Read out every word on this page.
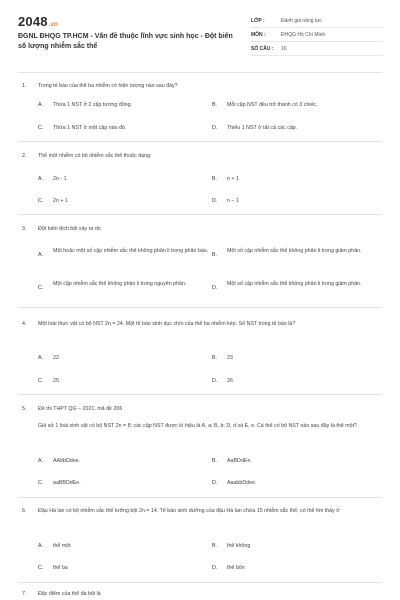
2048.vn
ĐGNL ĐHQG TP.HCM - Vấn đề thuộc lĩnh vực sinh học - Đột biến số lượng nhiễm sắc thể
LỚP :	Đánh giá năng lực
MÔN :	ĐHQG Hồ Chí Minh
SỐ CÂU :	16
1. Trong tế bào của thể ba nhiễm có hiện tượng nào sau đây?
A. Thừa 1 NST ở 2 cặp tương đồng.	B. Mỗi cặp NST đều trở thành có 3 chiếc.
C. Thừa 1 NST ở một cặp nào đó.	D. Thiếu 1 NST ở tất cả các cặp.
2. Thể một nhiễm có bộ nhiễm sắc thể thuộc dạng:
A. 2n - 1	B. n + 1
C. 2n + 1	D. n – 1
3. Đột biến lệch bội xảy ra do
A.
Một hoặc một số cặp nhiễm sắc thể không phân li trong phân bào.
B.
Một số cặp nhiễm sắc thể không phân li trong giảm phân.
C.
Một cặp nhiễm sắc thể không phân li trong nguyên phân.
D.
Một số cặp nhiễm sắc thể không phân li trong giảm phân.
4. Một loài thực vật có bộ NST 2n = 24. Một tế bào sinh dục chín của thể ba nhiễm kép. Số NST trong tế bào là?
A. 22	B. 23
C. 25	D. 26
5. Đề thi THPT QG – 2021, mã đề 206
Giả sử 1 loài sinh vật có bộ NST 2n = 8; các cặp NST được kí hiệu là A, a; B, b; D, d và E, e. Cá thể có bộ NST nào sau đây là thể một?
A. AAbbDdee.	B. AaBDdEe.
C. aaBBDdEe.	D. AaabbDdee.
6. Đậu Hà lan có bộ nhiễm sắc thể lưỡng bội 2n = 14. Tế bào sinh dưỡng của đậu Hà lan chứa 15 nhiễm sắc thể, có thể tìm thấy ở
A. thể một	B. thể không
C. thể ba	D. thể bốn
7. Đặc điểm của thể đa bội là
